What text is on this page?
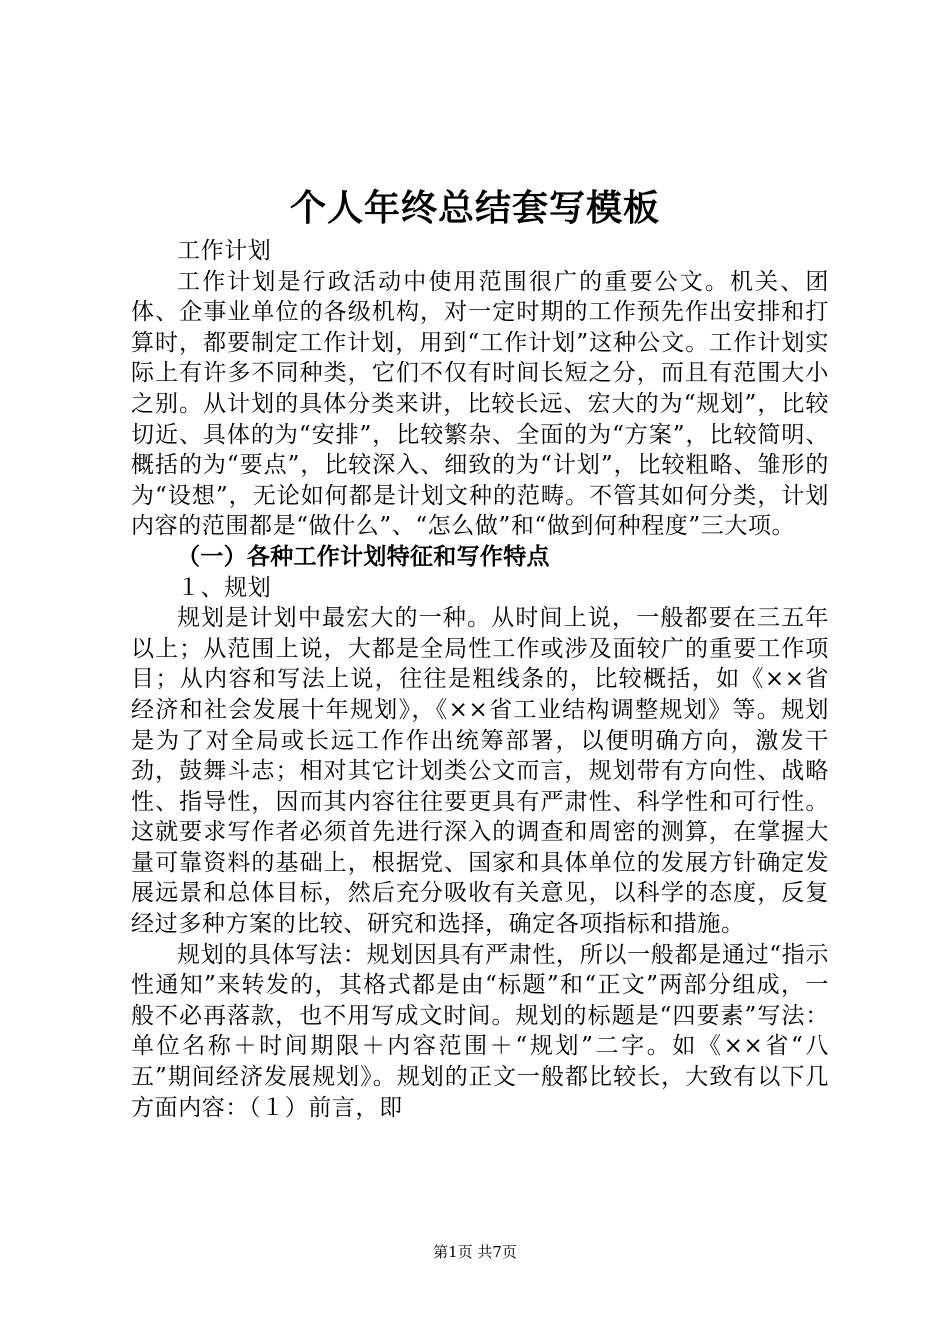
个人年终总结套写模板

工作计划

工作计划是行政活动中使用范围很广的重要公文。机关、团体、企事业单位的各级机构，对一定时期的工作预先作出安排和打算时，都要制定工作计划，用到“工作计划”这种公文。工作计划实际上有许多不同种类，它们不仅有时间长短之分，而且有范围大小之别。从计划的具体分类来讲，比较长远、宏大的为“规划”，比较切近、具体的为“安排”，比较繁杂、全面的为“方案”，比较简明、概括的为“要点”，比较深入、细致的为“计划”，比较粗略、雏形的为“设想”，无论如何都是计划文种的范畴。不管其如何分类，计划内容的范围都是“做什么”、“怎么做”和“做到何种程度”三大项。

（一）各种工作计划特征和写作特点

１、规划

规划是计划中最宏大的一种。从时间上说，一般都要在三五年以上；从范围上说，大都是全局性工作或涉及面较广的重要工作项目；从内容和写法上说，往往是粗线条的，比较概括，如《××省经济和社会发展十年规划》，《××省工业结构调整规划》等。规划是为了对全局或长远工作作出统筹部署，以便明确方向，激发干劲，鼓舞斗志；相对其它计划类公文而言，规划带有方向性、战略性、指导性，因而其内容往往要更具有严肃性、科学性和可行性。这就要求写作者必须首先进行深入的调查和周密的测算，在掌握大量可靠资料的基础上，根据党、国家和具体单位的发展方针确定发展远景和总体目标，然后充分吸收有关意见，以科学的态度，反复经过多种方案的比较、研究和选择，确定各项指标和措施。

规划的具体写法：规划因具有严肃性，所以一般都是通过“指示性通知”来转发的，其格式都是由“标题”和“正文”两部分组成，一般不必再落款，也不用写成文时间。规划的标题是“四要素”写法：单位名称＋时间期限＋内容范围＋“规划”二字。如《××省“八五”期间经济发展规划》。规划的正文一般都比较长，大致有以下几方面内容：（１）前言，即

第1页 共7页
